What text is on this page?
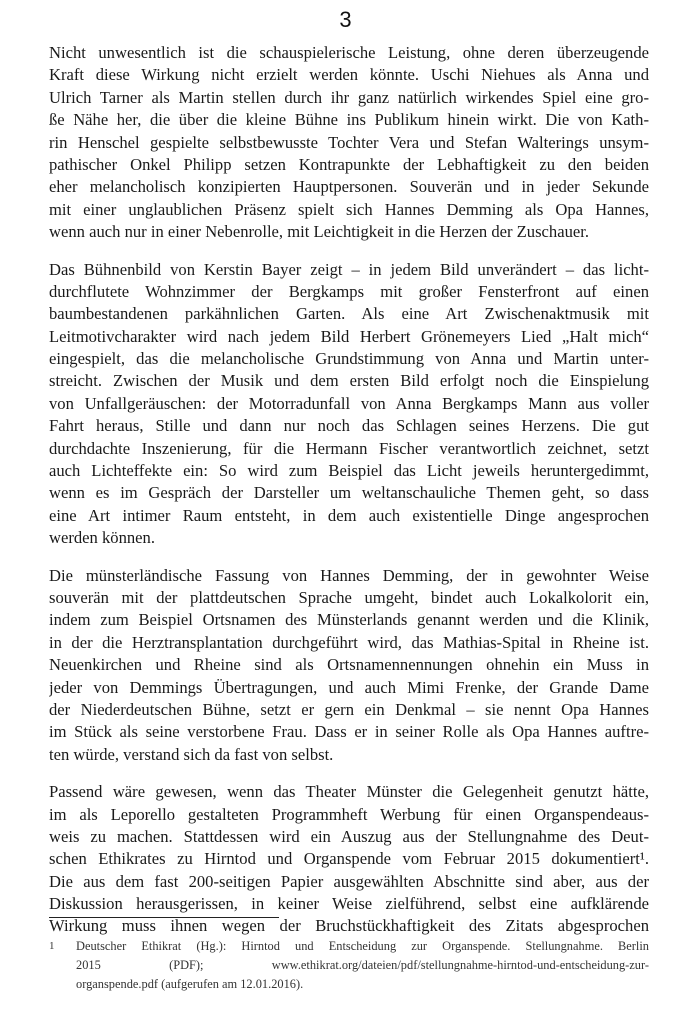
3

Nicht unwesentlich ist die schauspielerische Leistung, ohne deren überzeugende
Kraft diese Wirkung nicht erzielt werden könnte. Uschi Niehues als Anna und
Ulrich Tarner als Martin stellen durch ihr ganz natürlich wirkendes Spiel eine gro-
ße Nähe her, die über die kleine Bühne ins Publikum hinein wirkt. Die von Kath-
rin Henschel gespielte selbstbewusste Tochter Vera und Stefan Walterings unsym-
pathischer Onkel Philipp setzen Kontrapunkte der Lebhaftigkeit zu den beiden
eher melancholisch konzipierten Hauptpersonen. Souverän und in jeder Sekunde
mit einer unglaublichen Präsenz spielt sich Hannes Demming als Opa Hannes,
wenn auch nur in einer Nebenrolle, mit Leichtigkeit in die Herzen der Zuschauer.

Das Bühnenbild von Kerstin Bayer zeigt – in jedem Bild unverändert – das licht-
durchflutete Wohnzimmer der Bergkamps mit großer Fensterfront auf einen
baumbestandenen parkähnlichen Garten. Als eine Art Zwischenaktmusik mit
Leitmotivcharakter wird nach jedem Bild Herbert Grönemeyers Lied „Halt mich“
eingespielt, das die melancholische Grundstimmung von Anna und Martin unter-
streicht. Zwischen der Musik und dem ersten Bild erfolgt noch die Einspielung
von Unfallgeräuschen: der Motorradunfall von Anna Bergkamps Mann aus voller
Fahrt heraus, Stille und dann nur noch das Schlagen seines Herzens. Die gut
durchdachte Inszenierung, für die Hermann Fischer verantwortlich zeichnet, setzt
auch Lichteffekte ein: So wird zum Beispiel das Licht jeweils heruntergedimmt,
wenn es im Gespräch der Darsteller um weltanschauliche Themen geht, so dass
eine Art intimer Raum entsteht, in dem auch existentielle Dinge angesprochen
werden können.

Die münsterländische Fassung von Hannes Demming, der in gewohnter Weise
souverän mit der plattdeutschen Sprache umgeht, bindet auch Lokalkolorit ein,
indem zum Beispiel Ortsnamen des Münsterlands genannt werden und die Klinik,
in der die Herztransplantation durchgeführt wird, das Mathias-Spital in Rheine ist.
Neuenkirchen und Rheine sind als Ortsnamennennungen ohnehin ein Muss in
jeder von Demmings Übertragungen, und auch Mimi Frenke, der Grande Dame
der Niederdeutschen Bühne, setzt er gern ein Denkmal – sie nennt Opa Hannes
im Stück als seine verstorbene Frau. Dass er in seiner Rolle als Opa Hannes auftre-
ten würde, verstand sich da fast von selbst.

Passend wäre gewesen, wenn das Theater Münster die Gelegenheit genutzt hätte,
im als Leporello gestalteten Programmheft Werbung für einen Organspendeaus-
weis zu machen. Stattdessen wird ein Auszug aus der Stellungnahme des Deut-
schen Ethikrates zu Hirntod und Organspende vom Februar 2015 dokumentiert¹.
Die aus dem fast 200-seitigen Papier ausgewählten Abschnitte sind aber, aus der
Diskussion herausgerissen, in keiner Weise zielführend, selbst eine aufklärende
Wirkung muss ihnen wegen der Bruchstückhaftigkeit des Zitats abgesprochen

1 Deutscher Ethikrat (Hg.): Hirntod und Entscheidung zur Organspende. Stellungnahme. Berlin
2015 (PDF); www.ethikrat.org/dateien/pdf/stellungnahme-hirntod-und-entscheidung-zur-
organspende.pdf (aufgerufen am 12.01.2016).
